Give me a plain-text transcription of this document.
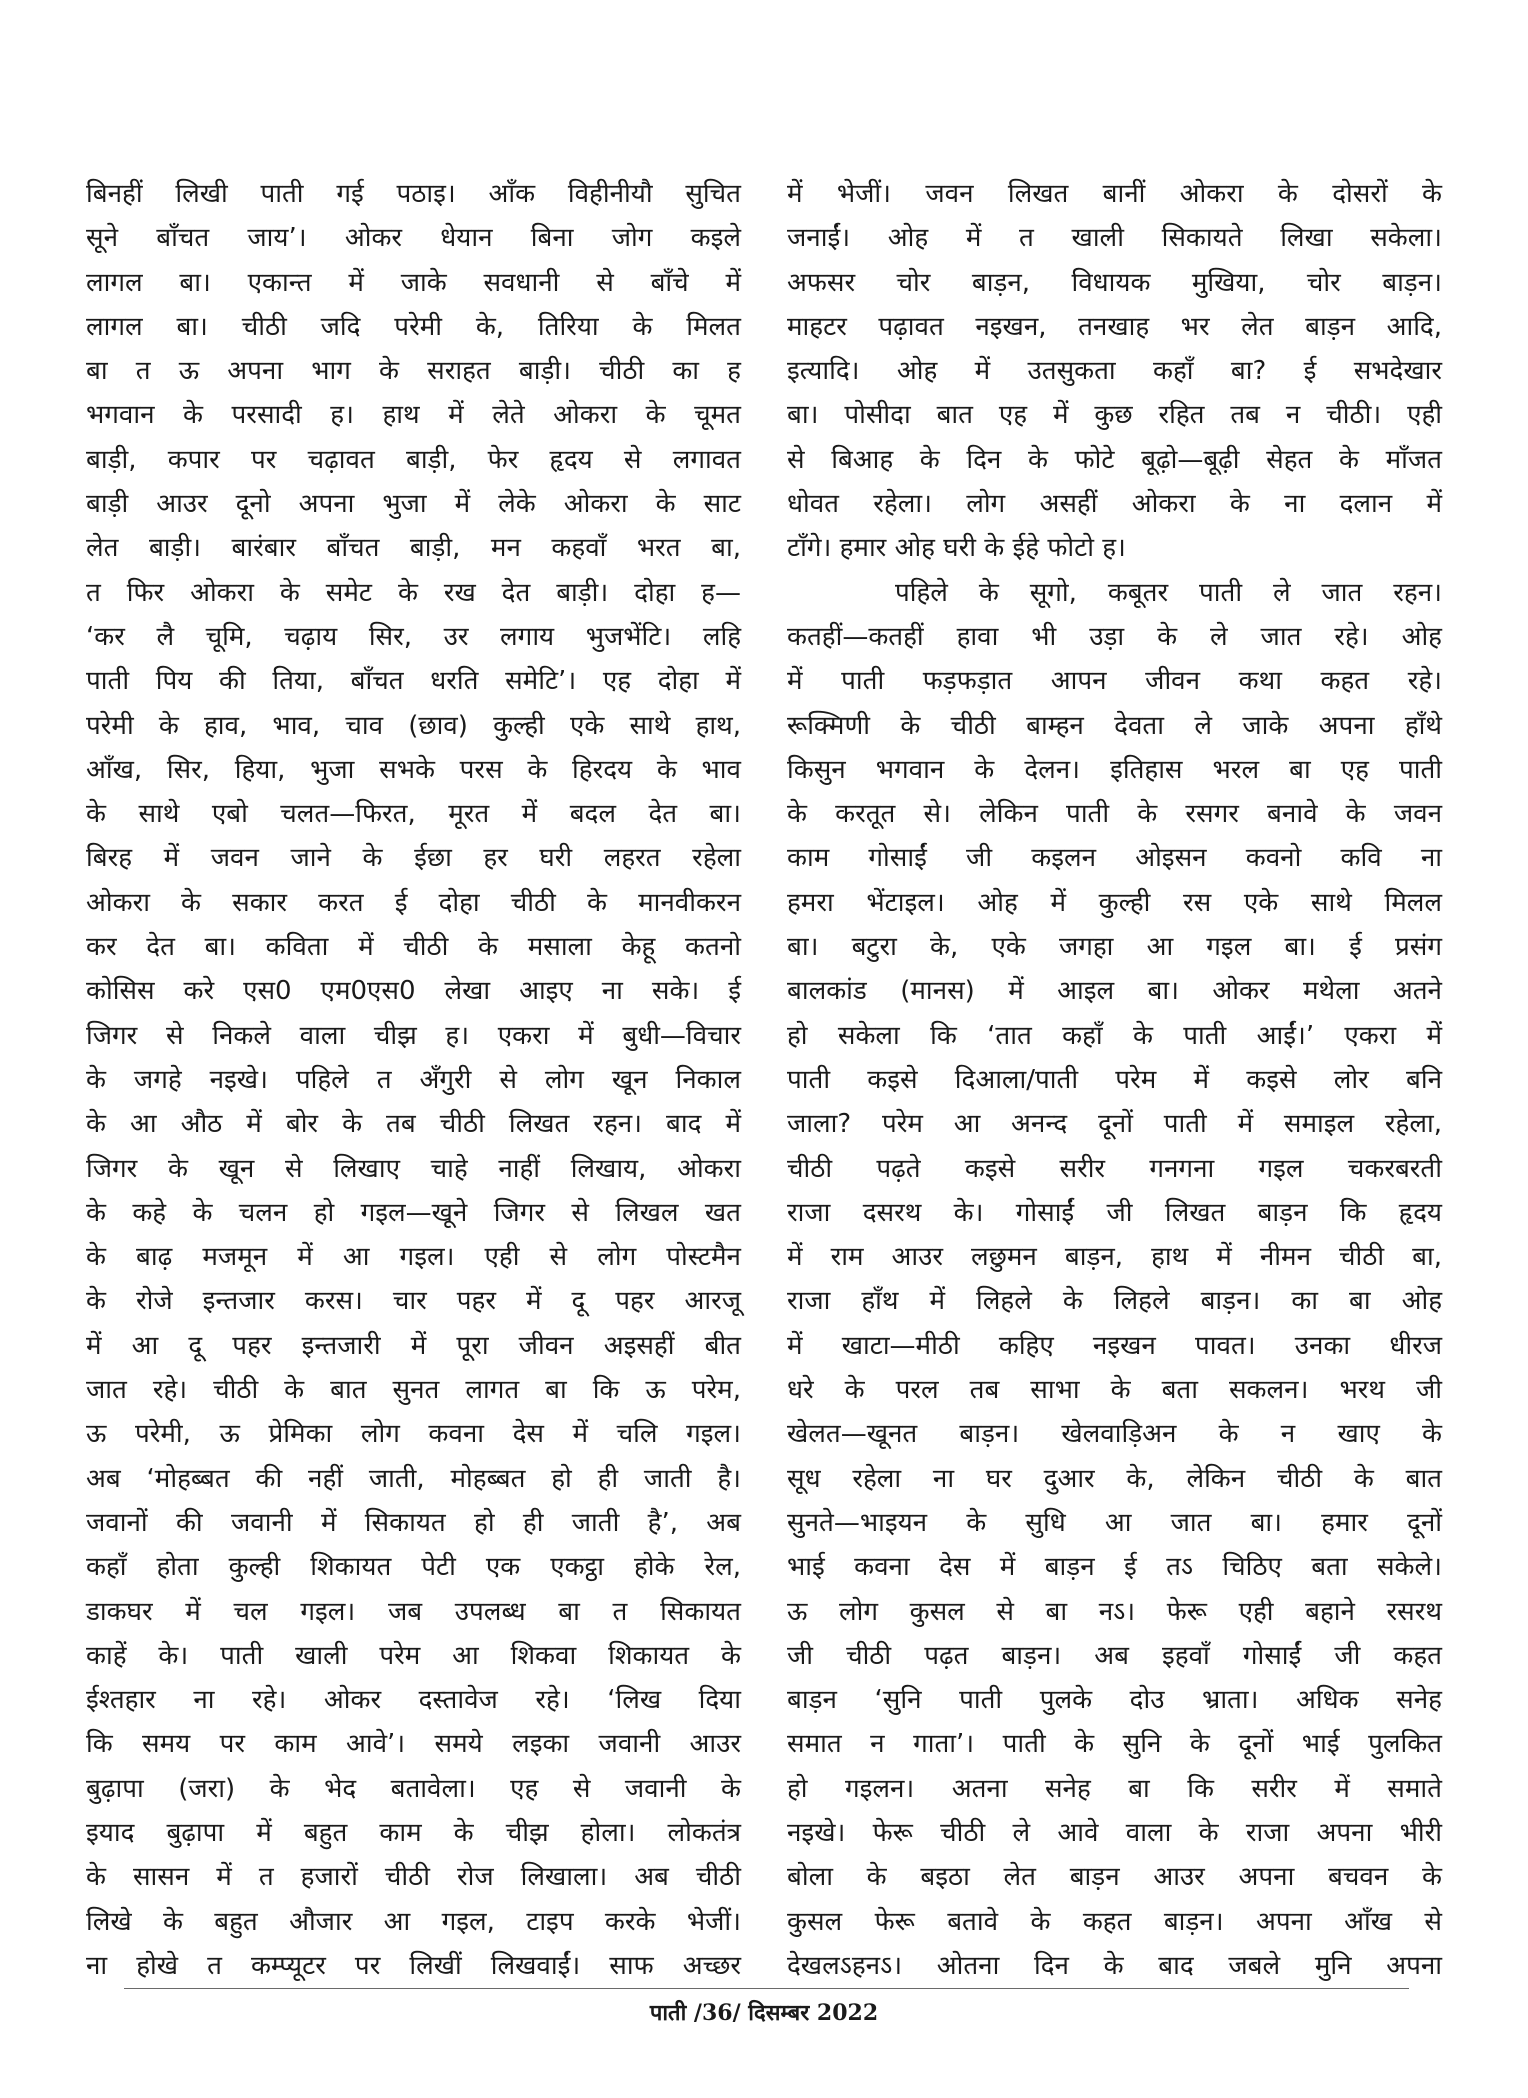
बिनहीं लिखी पाती गई पठाइ। आँक विहीनीयौ सुचित
सूने बाँचत जाय’। ओकर धेयान बिना जोग कइले
लागल बा। एकान्त में जाके सवधानी से बाँचे में
लागल बा। चीठी जदि परेमी के, तिरिया के मिलत
बा त ऊ अपना भाग के सराहत बाड़ी। चीठी का ह
भगवान के परसादी ह। हाथ में लेते ओकरा के चूमत
बाड़ी, कपार पर चढ़ावत बाड़ी, फेर हृदय से लगावत
बाड़ी आउर दूनो अपना भुजा में लेके ओकरा के साट
लेत बाड़ी। बारंबार बाँचत बाड़ी, मन कहवाँ भरत बा,
त फिर ओकरा के समेट के रख देत बाड़ी। दोहा ह—
‘कर लै चूमि, चढ़ाय सिर, उर लगाय भुजभेंटि। लहि
पाती पिय की तिया, बाँचत धरति समेटि’। एह दोहा में
परेमी के हाव, भाव, चाव (छाव) कुल्ही एके साथे हाथ,
आँख, सिर, हिया, भुजा सभके परस के हिरदय के भाव
के साथे एबो चलत—फिरत, मूरत में बदल देत बा।
बिरह में जवन जाने के ईछा हर घरी लहरत रहेला
ओकरा के सकार करत ई दोहा चीठी के मानवीकरन
कर देत बा। कविता में चीठी के मसाला केहू कतनो
कोसिस करे एस0 एम0एस0 लेखा आइए ना सके। ई
जिगर से निकले वाला चीझ ह। एकरा में बुधी—विचार
के जगहे नइखे। पहिले त अँगुरी से लोग खून निकाल
के आ औठ में बोर के तब चीठी लिखत रहन। बाद में
जिगर के खून से लिखाए चाहे नाहीं लिखाय, ओकरा
के कहे के चलन हो गइल—खूने जिगर से लिखल खत
के बाढ़ मजमून में आ गइल। एही से लोग पोस्टमैन
के रोजे इन्तजार करस। चार पहर में दू पहर आरजू
में आ दू पहर इन्तजारी में पूरा जीवन अइसहीं बीत
जात रहे। चीठी के बात सुनत लागत बा कि ऊ परेम,
ऊ परेमी, ऊ प्रेमिका लोग कवना देस में चलि गइल।
अब ‘मोहब्बत की नहीं जाती, मोहब्बत हो ही जाती है।
जवानों की जवानी में सिकायत हो ही जाती है’, अब
कहाँ होता कुल्ही शिकायत पेटी एक एकट्ठा होके रेल,
डाकघर में चल गइल। जब उपलब्ध बा त सिकायत
काहें के। पाती खाली परेम आ शिकवा शिकायत के
ईश्तहार ना रहे। ओकर दस्तावेज रहे। ‘लिख दिया
कि समय पर काम आवे’। समये लइका जवानी आउर
बुढ़ापा (जरा) के भेद बतावेला। एह से जवानी के
इयाद बुढ़ापा में बहुत काम के चीझ होला। लोकतंत्र
के सासन में त हजारों चीठी रोज लिखाला। अब चीठी
लिखे के बहुत औजार आ गइल, टाइप करके भेजीं।
ना होखे त कम्प्यूटर पर लिखीं लिखवाईं। साफ अच्छर
में भेजीं। जवन लिखत बानीं ओकरा के दोसरों के
जनाईं। ओह में त खाली सिकायते लिखा सकेला।
अफसर चोर बाड़न, विधायक मुखिया, चोर बाड़न।
माहटर पढ़ावत नइखन, तनखाह भर लेत बाड़न आदि,
इत्यादि। ओह में उतसुकता कहाँ बा? ई सभदेखार
बा। पोसीदा बात एह में कुछ रहित तब न चीठी। एही
से बिआह के दिन के फोटे बूढ़ो—बूढ़ी सेहत के माँजत
धोवत रहेला। लोग असहीं ओकरा के ना दलान में
टाँगे। हमार ओह घरी के ईहे फोटो ह।
पहिले के सूगो, कबूतर पाती ले जात रहन।
कतहीं—कतहीं हावा भी उड़ा के ले जात रहे। ओह
में पाती फड़फड़ात आपन जीवन कथा कहत रहे।
रूक्मिणी के चीठी बाम्हन देवता ले जाके अपना हाँथे
किसुन भगवान के देलन। इतिहास भरल बा एह पाती
के करतूत से। लेकिन पाती के रसगर बनावे के जवन
काम गोसाईं जी कइलन ओइसन कवनो कवि ना
हमरा भेंटाइल। ओह में कुल्ही रस एके साथे मिलल
बा। बटुरा के, एके जगहा आ गइल बा। ई प्रसंग
बालकांड (मानस) में आइल बा। ओकर मथेला अतने
हो सकेला कि ‘तात कहाँ के पाती आईं।’ एकरा में
पाती कइसे दिआला/पाती परेम में कइसे लोर बनि
जाला? परेम आ अनन्द दूनों पाती में समाइल रहेला,
चीठी पढ़ते कइसे सरीर गनगना गइल चकरबरती
राजा दसरथ के। गोसाईं जी लिखत बाड़न कि हृदय
में राम आउर लछुमन बाड़न, हाथ में नीमन चीठी बा,
राजा हाँथ में लिहले के लिहले बाड़न। का बा ओह
में खाटा—मीठी कहिए नइखन पावत। उनका धीरज
धरे के परल तब साभा के बता सकलन। भरथ जी
खेलत—खूनत बाड़न। खेलवाड़िअन के न खाए के
सूध रहेला ना घर दुआर के, लेकिन चीठी के बात
सुनते—भाइयन के सुधि आ जात बा। हमार दूनों
भाई कवना देस में बाड़न ई तऽ चिठिए बता सकेले।
ऊ लोग कुसल से बा नऽ। फेरू एही बहाने रसरथ
जी चीठी पढ़त बाड़न। अब इहवाँ गोसाईं जी कहत
बाड़न ‘सुनि पाती पुलके दोउ भ्राता। अधिक सनेह
समात न गाता’। पाती के सुनि के दूनों भाई पुलकित
हो गइलन। अतना सनेह बा कि सरीर में समाते
नइखे। फेरू चीठी ले आवे वाला के राजा अपना भीरी
बोला के बइठा लेत बाड़न आउर अपना बचवन के
कुसल फेरू बतावे के कहत बाड़न। अपना आँख से
देखलऽहनऽ। ओतना दिन के बाद जबले मुनि अपना
पाती /36/ दिसम्बर 2022
